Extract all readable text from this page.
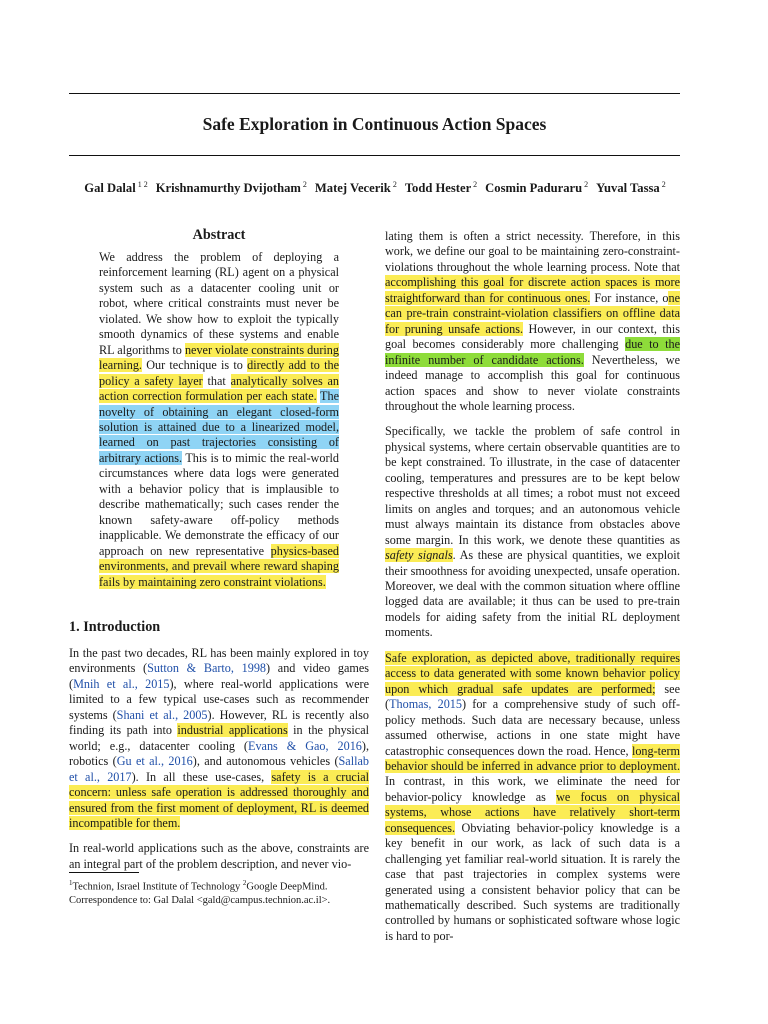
Safe Exploration in Continuous Action Spaces
Gal Dalal $^{1 2}$ Krishnamurthy Dvijotham $^2$ Matej Vecerik $^2$ Todd Hester $^2$ Cosmin Paduraru $^2$ Yuval Tassa $^2$
Abstract

We address the problem of deploying a reinforcement learning (RL) agent on a physical system such as a datacenter cooling unit or robot, where critical constraints must never be violated. We show how to exploit the typically smooth dynamics of these systems and enable RL algorithms to never violate constraints during learning. Our technique is to directly add to the policy a safety layer that analytically solves an action correction formulation per each state. The novelty of obtaining an elegant closed-form solution is attained due to a linearized model, learned on past trajectories consisting of arbitrary actions. This is to mimic the real-world circumstances where data logs were generated with a behavior policy that is implausible to describe mathematically; such cases render the known safety-aware off-policy methods inapplicable. We demonstrate the efficacy of our approach on new representative physics-based environments, and prevail where reward shaping fails by maintaining zero constraint violations.

1. Introduction

In the past two decades, RL has been mainly explored in toy environments (Sutton & Barto, 1998) and video games (Mnih et al., 2015), where real-world applications were limited to a few typical use-cases such as recommender systems (Shani et al., 2005). However, RL is recently also finding its path into industrial applications in the physical world; e.g., datacenter cooling (Evans & Gao, 2016), robotics (Gu et al., 2016), and autonomous vehicles (Sallab et al., 2017). In all these use-cases, safety is a crucial concern: unless safe operation is addressed thoroughly and ensured from the first moment of deployment, RL is deemed incompatible for them.

In real-world applications such as the above, constraints are an integral part of the problem description, and never vio-

$^1$Technion, Israel Institute of Technology $^2$Google DeepMind. Correspondence to: Gal Dalal <gald@campus.technion.ac.il>.

lating them is often a strict necessity. Therefore, in this work, we define our goal to be maintaining zero-constraint-violations throughout the whole learning process. Note that accomplishing this goal for discrete action spaces is more straightforward than for continuous ones. For instance, one can pre-train constraint-violation classifiers on offline data for pruning unsafe actions. However, in our context, this goal becomes considerably more challenging due to the infinite number of candidate actions. Nevertheless, we indeed manage to accomplish this goal for continuous action spaces and show to never violate constraints throughout the whole learning process.

Specifically, we tackle the problem of safe control in physical systems, where certain observable quantities are to be kept constrained. To illustrate, in the case of datacenter cooling, temperatures and pressures are to be kept below respective thresholds at all times; a robot must not exceed limits on angles and torques; and an autonomous vehicle must always maintain its distance from obstacles above some margin. In this work, we denote these quantities as safety signals. As these are physical quantities, we exploit their smoothness for avoiding unexpected, unsafe operation. Moreover, we deal with the common situation where offline logged data are available; it thus can be used to pre-train models for aiding safety from the initial RL deployment moments.

Safe exploration, as depicted above, traditionally requires access to data generated with some known behavior policy upon which gradual safe updates are performed; see (Thomas, 2015) for a comprehensive study of such off-policy methods. Such data are necessary because, unless assumed otherwise, actions in one state might have catastrophic consequences down the road. Hence, long-term behavior should be inferred in advance prior to deployment. In contrast, in this work, we eliminate the need for behavior-policy knowledge as we focus on physical systems, whose actions have relatively short-term consequences. Obviating behavior-policy knowledge is a key benefit in our work, as lack of such data is a challenging yet familiar real-world situation. It is rarely the case that past trajectories in complex systems were generated using a consistent behavior policy that can be mathematically described. Such systems are traditionally controlled by humans or sophisticated software whose logic is hard to por-
